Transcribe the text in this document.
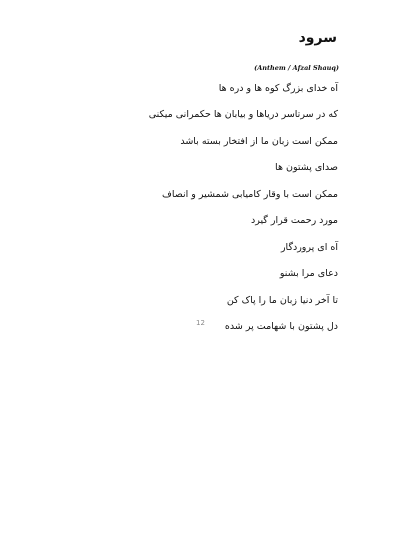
سرود
(Anthem / Afzal Shauq)
آه خدای بزرگ کوه ها و دره ها
که در سرتاسر دریاها و بیابان ها حکمرانی میکنی
ممکن است زبان ما از افتخار بسته باشد
صدای پشتون ها
ممکن است با وقار کامیابی شمشیر و انصاف
مورد رحمت قرار گیرد
آه ای پروردگار
دعای مرا بشنو
تا آخر دنیا زبان ما را پاک کن
دل پشتون با شهامت پر شده
12
